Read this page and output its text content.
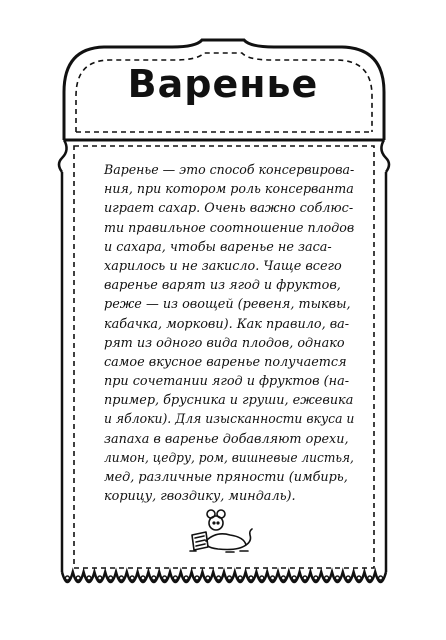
Варенье
Варенье — это способ консервирова-
ния, при котором роль консерванта
играет сахар. Очень важно соблюс-
ти правильное соотношение плодов
и сахара, чтобы варенье не заса-
харилось и не закисло. Чаще всего
варенье варят из ягод и фруктов,
реже — из овощей (ревеня, тыквы,
кабачка, моркови). Как правило, ва-
рят из одного вида плодов, однако
самое вкусное варенье получается
при сочетании ягод и фруктов (на-
пример, брусника и груши, ежевика
и яблоки). Для изысканности вкуса и
запаха в варенье добавляют орехи,
лимон, цедру, ром, вишневые листья,
мед, различные пряности (имбирь,
корицу, гвоздику, миндаль).
